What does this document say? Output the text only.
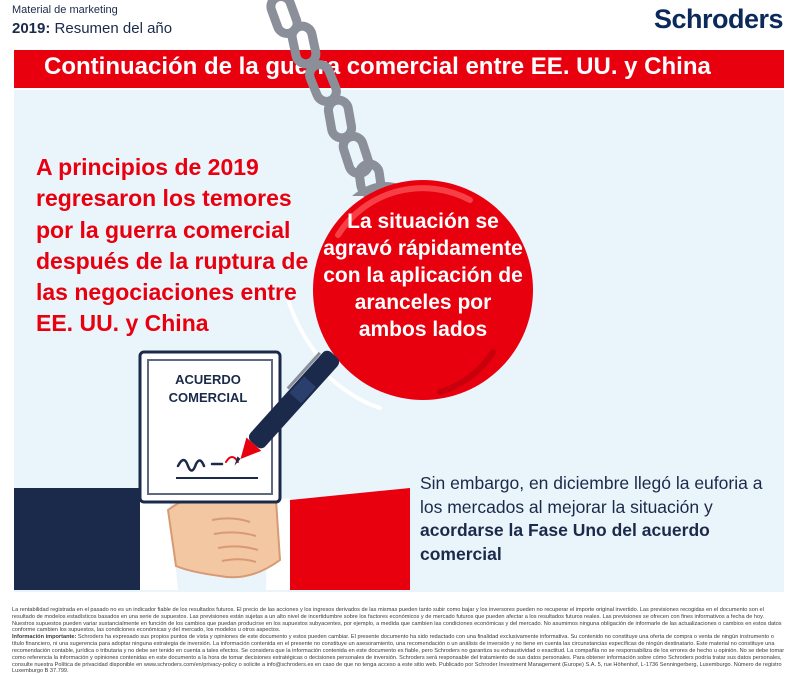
Material de marketing
2019: Resumen del año	Schroders
Continuación de la guerra comercial entre EE. UU. y China
A principios de 2019 regresaron los temores por la guerra comercial después de la ruptura de las negociaciones entre EE. UU. y China
La situación se agravó rápidamente con la aplicación de aranceles por ambos lados
ACUERDO
COMERCIAL
Sin embargo, en diciembre llegó la euforia a los mercados al mejorar la situación y acordarse la Fase Uno del acuerdo comercial

La rentabilidad registrada en el pasado no es un indicador fiable de los resultados futuros. El precio de las acciones y los ingresos derivados de las mismas pueden tanto subir como bajar y los inversores pueden no recuperar el importe original invertido. Las previsiones recogidas en el documento son el resultado de modelos estadísticos basados en una serie de supuestos. Las previsiones están sujetas a un alto nivel de incertidumbre sobre los factores económicos y de mercado futuros que pueden afectar a los resultados futuros reales. Las previsiones se ofrecen con fines informativos a fecha de hoy. Nuestros supuestos pueden variar sustancialmente en función de los cambios que puedan producirse en los supuestos subyacentes, por ejemplo, a medida que cambien las condiciones económicas y del mercado. No asumimos ninguna obligación de informarle de las actualizaciones o cambios en estos datos conforme cambien los supuestos, las condiciones económicas y del mercado, los modelos u otros aspectos.

Información importante: Schroders ha expresado sus propios puntos de vista y opiniones de este documento y estos pueden cambiar. El presente documento ha sido redactado con una finalidad exclusivamente informativa. Su contenido no constituye una oferta de compra o venta de ningún instrumento o título financiero, ni una sugerencia para adoptar ninguna estrategia de inversión. La información contenida en el presente no constituye un asesoramiento, una recomendación o un análisis de inversión y no tiene en cuenta las circunstancias específicas de ningún destinatario. Este material no constituye una recomendación contable, jurídica o tributaria y no debe ser tenido en cuenta a tales efectos. Se considera que la información contenida en este documento es fiable, pero Schroders no garantiza su exhaustividad o exactitud. La compañía no se responsabiliza de los errores de hecho u opinión. No se debe tomar como referencia la información y opiniones contenidas en este documento a la hora de tomar decisiones estratégicas o decisiones personales de inversión. Schroders será responsable del tratamiento de sus datos personales. Para obtener información sobre cómo Schroders podría tratar sus datos personales, consulte nuestra Política de privacidad disponible en www.schroders.com/en/privacy-policy o solicite a info@schroders.es en caso de que no tenga acceso a este sitio web. Publicado por Schroder Investment Management (Europe) S.A. 5, rue Höhenhof, L-1736 Senningerberg, Luxemburgo. Número de registro Luxemburgo B 37.799.
